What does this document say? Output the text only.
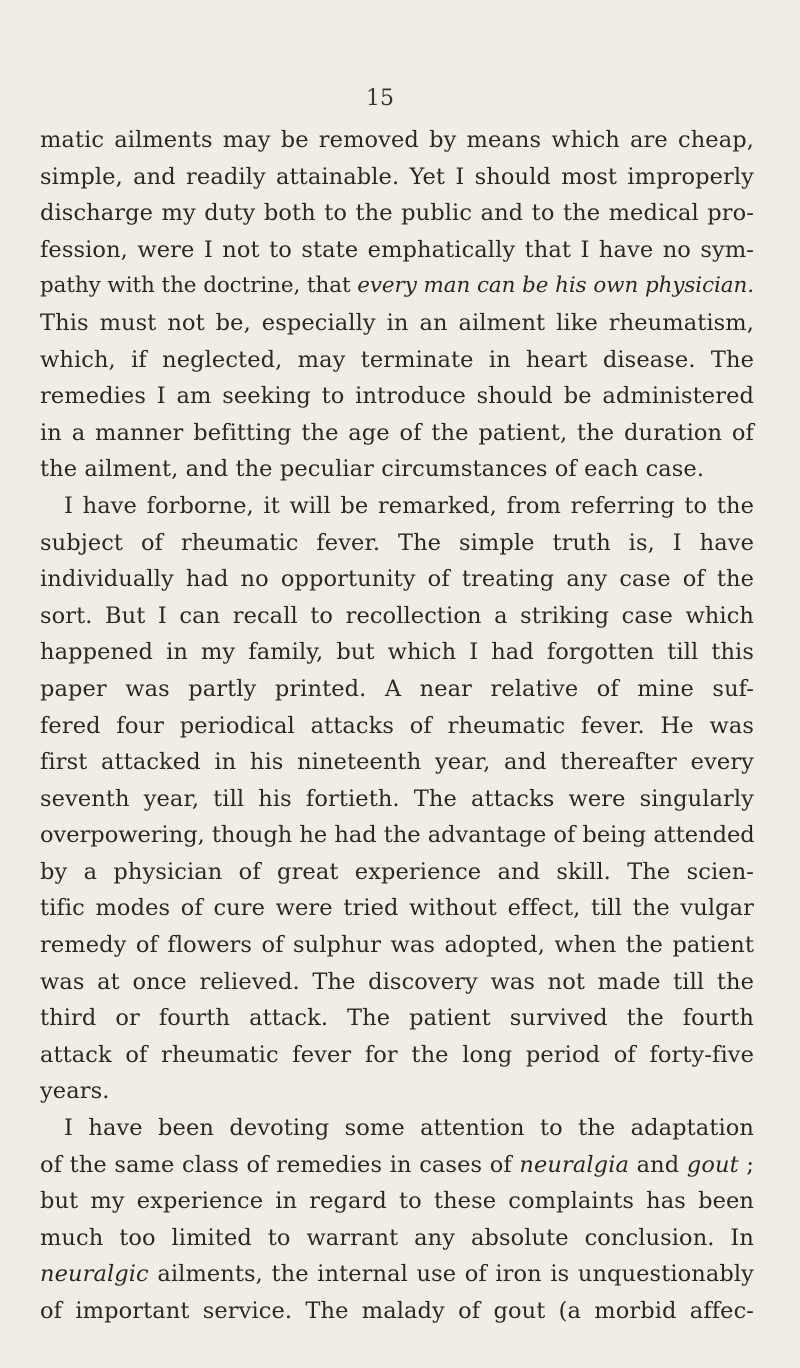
15
matic ailments may be removed by means which are cheap,
simple, and readily attainable. Yet I should most improperly
discharge my duty both to the public and to the medical pro-
fession, were I not to state emphatically that I have no sym-
pathy with the doctrine, that every man can be his own physician.
This must not be, especially in an ailment like rheumatism,
which, if neglected, may terminate in heart disease. The
remedies I am seeking to introduce should be administered
in a manner befitting the age of the patient, the duration of
the ailment, and the peculiar circumstances of each case.
I have forborne, it will be remarked, from referring to the
subject of rheumatic fever. The simple truth is, I have
individually had no opportunity of treating any case of the
sort. But I can recall to recollection a striking case which
happened in my family, but which I had forgotten till this
paper was partly printed. A near relative of mine suf-
fered four periodical attacks of rheumatic fever. He was
first attacked in his nineteenth year, and thereafter every
seventh year, till his fortieth. The attacks were singularly
overpowering, though he had the advantage of being attended
by a physician of great experience and skill. The scien-
tific modes of cure were tried without effect, till the vulgar
remedy of flowers of sulphur was adopted, when the patient
was at once relieved. The discovery was not made till the
third or fourth attack. The patient survived the fourth
attack of rheumatic fever for the long period of forty-five
years.
I have been devoting some attention to the adaptation
of the same class of remedies in cases of neuralgia and gout ;
but my experience in regard to these complaints has been
much too limited to warrant any absolute conclusion. In
neuralgic ailments, the internal use of iron is unquestionably
of important service. The malady of gout (a morbid affec-
